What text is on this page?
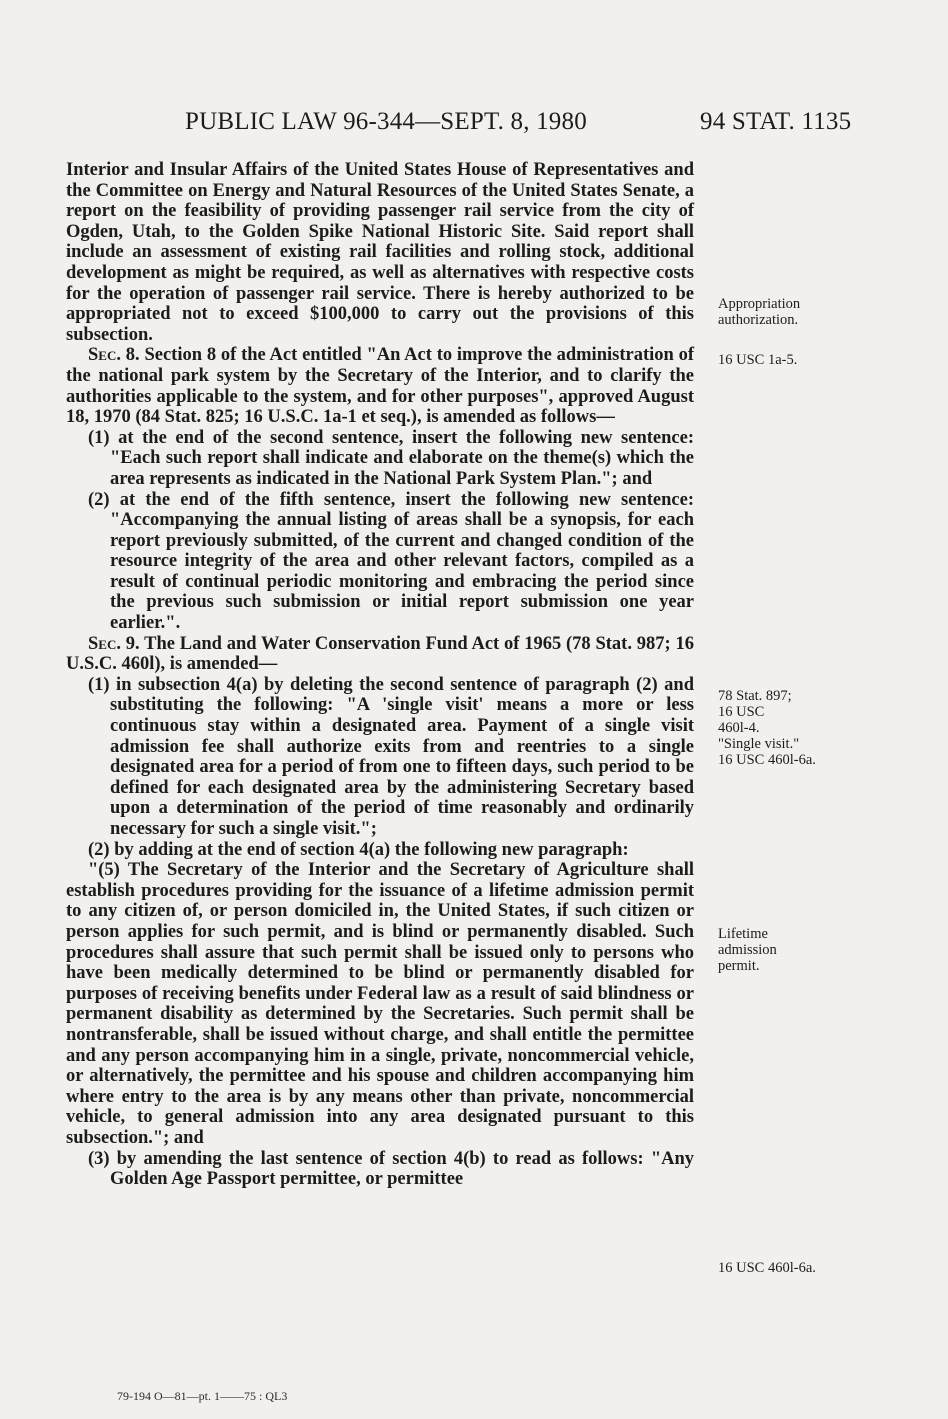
PUBLIC LAW 96-344—SEPT. 8, 1980	94 STAT. 1135

Interior and Insular Affairs of the United States House of Representatives and the Committee on Energy and Natural Resources of the United States Senate, a report on the feasibility of providing passenger rail service from the city of Ogden, Utah, to the Golden Spike National Historic Site. Said report shall include an assessment of existing rail facilities and rolling stock, additional development as might be required, as well as alternatives with respective costs for the operation of passenger rail service. There is hereby authorized to be appropriated not to exceed $100,000 to carry out the provisions of this subsection.

Sec. 8. Section 8 of the Act entitled "An Act to improve the administration of the national park system by the Secretary of the Interior, and to clarify the authorities applicable to the system, and for other purposes", approved August 18, 1970 (84 Stat. 825; 16 U.S.C. 1a-1 et seq.), is amended as follows—

(1) at the end of the second sentence, insert the following new sentence: "Each such report shall indicate and elaborate on the theme(s) which the area represents as indicated in the National Park System Plan."; and

(2) at the end of the fifth sentence, insert the following new sentence: "Accompanying the annual listing of areas shall be a synopsis, for each report previously submitted, of the current and changed condition of the resource integrity of the area and other relevant factors, compiled as a result of continual periodic monitoring and embracing the period since the previous such submission or initial report submission one year earlier.".

Sec. 9. The Land and Water Conservation Fund Act of 1965 (78 Stat. 987; 16 U.S.C. 460l), is amended—

(1) in subsection 4(a) by deleting the second sentence of paragraph (2) and substituting the following: "A 'single visit' means a more or less continuous stay within a designated area. Payment of a single visit admission fee shall authorize exits from and reentries to a single designated area for a period of from one to fifteen days, such period to be defined for each designated area by the administering Secretary based upon a determination of the period of time reasonably and ordinarily necessary for such a single visit.";

(2) by adding at the end of section 4(a) the following new paragraph:

"(5) The Secretary of the Interior and the Secretary of Agriculture shall establish procedures providing for the issuance of a lifetime admission permit to any citizen of, or person domiciled in, the United States, if such citizen or person applies for such permit, and is blind or permanently disabled. Such procedures shall assure that such permit shall be issued only to persons who have been medically determined to be blind or permanently disabled for purposes of receiving benefits under Federal law as a result of said blindness or permanent disability as determined by the Secretaries. Such permit shall be nontransferable, shall be issued without charge, and shall entitle the permittee and any person accompanying him in a single, private, noncommercial vehicle, or alternatively, the permittee and his spouse and children accompanying him where entry to the area is by any means other than private, noncommercial vehicle, to general admission into any area designated pursuant to this subsection."; and

(3) by amending the last sentence of section 4(b) to read as follows: "Any Golden Age Passport permittee, or permittee

Appropriation
authorization.
16 USC 1a-5.
78 Stat. 897;
16 USC
460l-4.
"Single visit."
16 USC 460l-6a.
Lifetime
admission
permit.
16 USC 460l-6a.
79-194 O—81—pt. 1——75 : QL3
